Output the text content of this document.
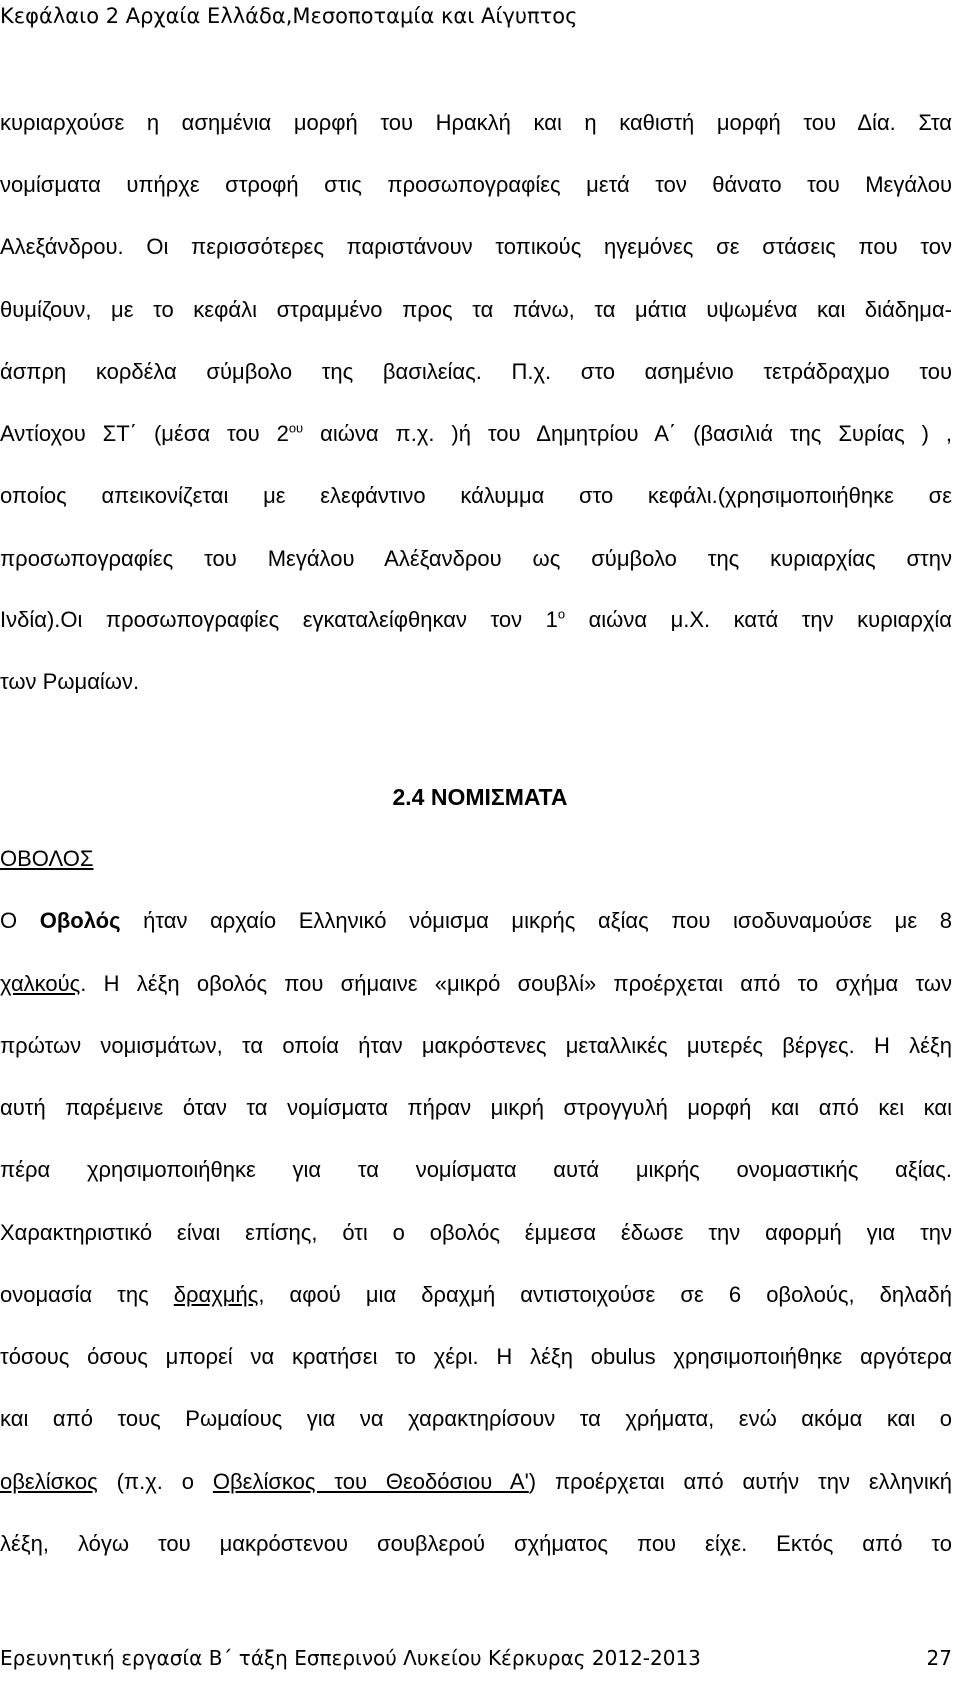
Κεφάλαιο 2 Αρχαία Ελλάδα,Μεσοποταμία και Αίγυπτος
κυριαρχούσε η ασημένια μορφή του Ηρακλή και η καθιστή μορφή του Δία. Στα
νομίσματα υπήρχε στροφή στις προσωπογραφίες μετά τον θάνατο του Μεγάλου
Αλεξάνδρου. Οι περισσότερες παριστάνουν τοπικούς ηγεμόνες σε στάσεις που τον
θυμίζουν, με το κεφάλι στραμμένο προς τα πάνω, τα μάτια υψωμένα και διάδημα-
άσπρη κορδέλα σύμβολο της βασιλείας. Π.χ. στο ασημένιο τετράδραχμο του
Αντίοχου ΣΤ΄ (μέσα του $2^{o\upsilon}$ αιώνα π.χ. )ή του Δημητρίου Α΄ (βασιλιά της Συρίας ) ,
οποίος απεικονίζεται με ελεφάντινο κάλυμμα στο κεφάλι.(χρησιμοποιήθηκε σε
προσωπογραφίες του Μεγάλου Αλέξανδρου ως σύμβολο της κυριαρχίας στην
Ινδία).Οι προσωπογραφίες εγκαταλείφθηκαν τον $1^o$ αιώνα μ.Χ. κατά την κυριαρχία
των Ρωμαίων.
2.4 ΝΟΜΙΣΜΑΤΑ
ΟΒΟΛΟΣ
Ο Οβολός ήταν αρχαίο Ελληνικό νόμισμα μικρής αξίας που ισοδυναμούσε με 8
χαλκούς. Η λέξη οβολός που σήμαινε «μικρό σουβλί» προέρχεται από το σχήμα των
πρώτων νομισμάτων, τα οποία ήταν μακρόστενες μεταλλικές μυτερές βέργες. Η λέξη
αυτή παρέμεινε όταν τα νομίσματα πήραν μικρή στρογγυλή μορφή και από κει και
πέρα χρησιμοποιήθηκε για τα νομίσματα αυτά μικρής ονομαστικής αξίας.
Χαρακτηριστικό είναι επίσης, ότι ο οβολός έμμεσα έδωσε την αφορμή για την
ονομασία της δραχμής, αφού μια δραχμή αντιστοιχούσε σε 6 οβολούς, δηλαδή
τόσους όσους μπορεί να κρατήσει το χέρι. Η λέξη obulus χρησιμοποιήθηκε αργότερα
και από τους Ρωμαίους για να χαρακτηρίσουν τα χρήματα, ενώ ακόμα και ο
οβελίσκος (π.χ. ο Οβελίσκος του Θεοδόσιου Α') προέρχεται από αυτήν την ελληνική
λέξη, λόγω του μακρόστενου σουβλερού σχήματος που είχε. Εκτός από το
Ερευνητική εργασία Β΄ τάξη Εσπερινού Λυκείου Κέρκυρας 2012-2013	27
